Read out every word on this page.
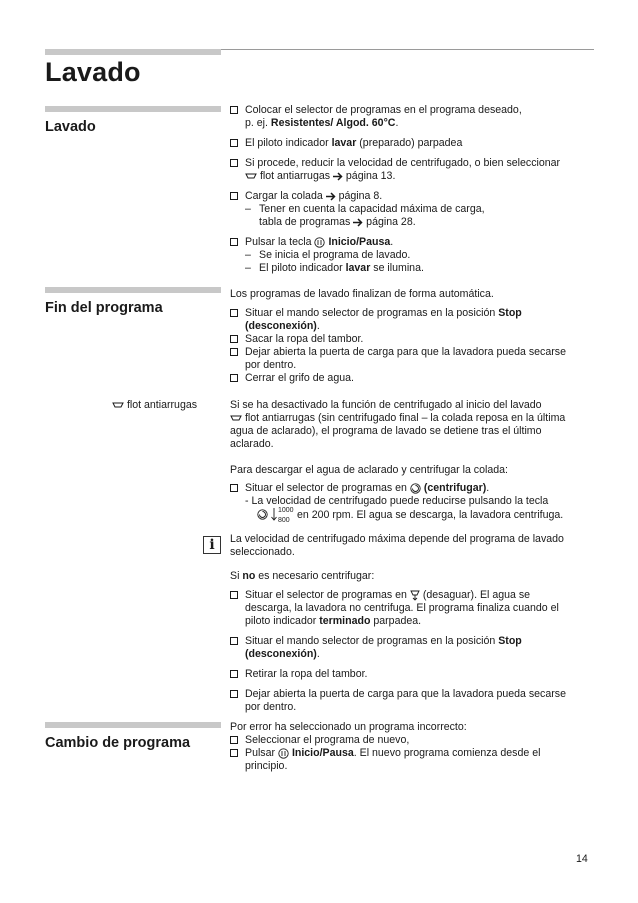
Lavado
Lavado
Colocar el selector de programas en el programa deseado,
p. ej. Resistentes/ Algod. 60°C.
El piloto indicador lavar (preparado) parpadea
Si procede, reducir la velocidad de centrifugado, o bien seleccionar
flot antiarrugas  página 13.
Cargar la colada  página 8.
– Tener en cuenta la capacidad máxima de carga,
tabla de programas  página 28.
Pulsar la tecla  Inicio/Pausa.
– Se inicia el programa de lavado.
– El piloto indicador lavar se ilumina.
Fin del programa
Los programas de lavado finalizan de forma automática.
Situar el mando selector de programas en la posición Stop
(desconexión).
Sacar la ropa del tambor.
Dejar abierta la puerta de carga para que la lavadora pueda secarse
por dentro.
Cerrar el grifo de agua.
flot antiarrugas	Si se ha desactivado la función de centrifugado al inicio del lavado
flot antiarrugas (sin centrifugado final – la colada reposa en la última
agua de aclarado), el programa de lavado se detiene tras el último
aclarado.
Para descargar el agua de aclarado y centrifugar la colada:
Situar el selector de programas en  (centrifugar).
- La velocidad de centrifugado puede reducirse pulsando la tecla
1000
800 en 200 rpm. El agua se descarga, la lavadora centrifuga.
i	La velocidad de centrifugado máxima depende del programa de lavado
seleccionado.
Si no es necesario centrifugar:
Situar el selector de programas en  (desaguar). El agua se
descarga, la lavadora no centrifuga. El programa finaliza cuando el
piloto indicador terminado parpadea.
Situar el mando selector de programas en la posición Stop
(desconexión).
Retirar la ropa del tambor.
Dejar abierta la puerta de carga para que la lavadora pueda secarse
por dentro.
Cambio de programa
Por error ha seleccionado un programa incorrecto:
Seleccionar el programa de nuevo,
Pulsar  Inicio/Pausa. El nuevo programa comienza desde el
principio.
14
